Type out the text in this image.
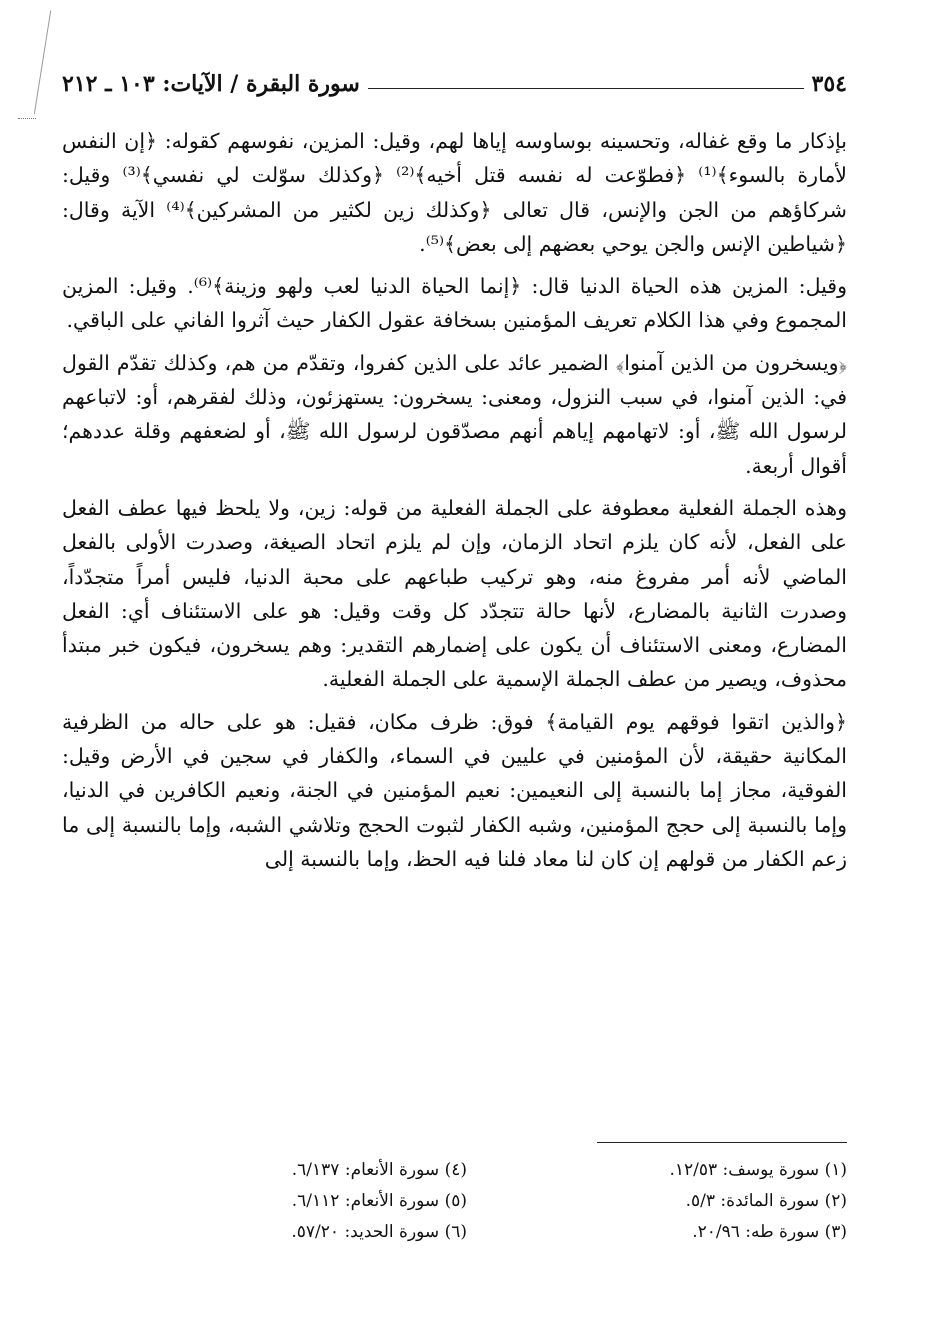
٣٥٤
سورة البقرة / الآيات: ١٠٣ ـ ٢١٢

بإذكار ما وقع غفاله، وتحسينه بوساوسه إياها لهم، وقيل: المزين، نفوسهم كقوله: ﴿إن النفس لأمارة بالسوء﴾⁽¹⁾ ﴿فطوّعت له نفسه قتل أخيه﴾⁽²⁾ ﴿وكذلك سوّلت لي نفسي﴾⁽³⁾ وقيل: شركاؤهم من الجن والإنس، قال تعالى ﴿وكذلك زين لكثير من المشركين﴾⁽⁴⁾ الآية وقال: ﴿شياطين الإنس والجن يوحي بعضهم إلى بعض﴾⁽⁵⁾.

وقيل: المزين هذه الحياة الدنيا قال: ﴿إنما الحياة الدنيا لعب ولهو وزينة﴾⁽⁶⁾. وقيل: المزين المجموع وفي هذا الكلام تعريف المؤمنين بسخافة عقول الكفار حيث آثروا الفاني على الباقي.

﴿ويسخرون من الذين آمنوا﴾ الضمير عائد على الذين كفروا، وتقدّم من هم، وكذلك تقدّم القول في: الذين آمنوا، في سبب النزول، ومعنى: يسخرون: يستهزئون، وذلك لفقرهم، أو: لاتباعهم لرسول الله ﷺ، أو: لاتهامهم إياهم أنهم مصدّقون لرسول الله ﷺ، أو لضعفهم وقلة عددهم؛ أقوال أربعة.

وهذه الجملة الفعلية معطوفة على الجملة الفعلية من قوله: زين، ولا يلحظ فيها عطف الفعل على الفعل، لأنه كان يلزم اتحاد الزمان، وإن لم يلزم اتحاد الصيغة، وصدرت الأولى بالفعل الماضي لأنه أمر مفروغ منه، وهو تركيب طباعهم على محبة الدنيا، فليس أمراً متجدّداً، وصدرت الثانية بالمضارع، لأنها حالة تتجدّد كل وقت وقيل: هو على الاستئناف أي: الفعل المضارع، ومعنى الاستئناف أن يكون على إضمارهم التقدير: وهم يسخرون، فيكون خبر مبتدأ محذوف، ويصير من عطف الجملة الإسمية على الجملة الفعلية.

﴿والذين اتقوا فوقهم يوم القيامة﴾ فوق: ظرف مكان، فقيل: هو على حاله من الظرفية المكانية حقيقة، لأن المؤمنين في عليين في السماء، والكفار في سجين في الأرض وقيل: الفوقية، مجاز إما بالنسبة إلى النعيمين: نعيم المؤمنين في الجنة، ونعيم الكافرين في الدنيا، وإما بالنسبة إلى حجج المؤمنين، وشبه الكفار لثبوت الحجج وتلاشي الشبه، وإما بالنسبة إلى ما زعم الكفار من قولهم إن كان لنا معاد فلنا فيه الحظ، وإما بالنسبة إلى

(١) سورة يوسف: ١٢/٥٣.
(٢) سورة المائدة: ٥/٣.
(٣) سورة طه: ٢٠/٩٦.
(٤) سورة الأنعام: ٦/١٣٧.
(٥) سورة الأنعام: ٦/١١٢.
(٦) سورة الحديد: ٥٧/٢٠.
